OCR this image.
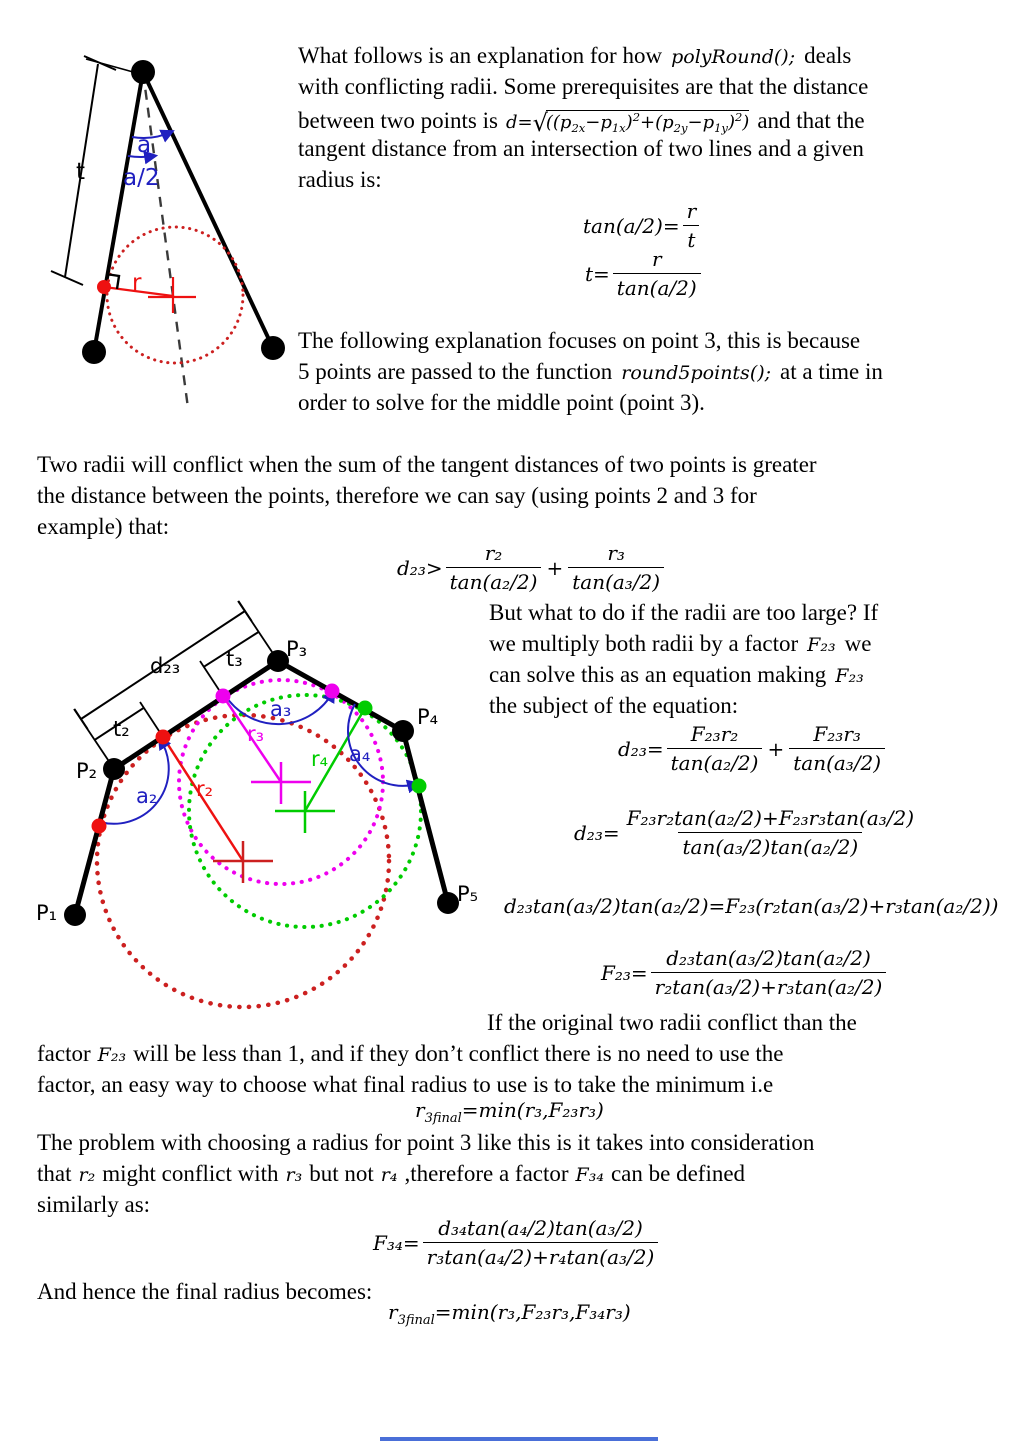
t
a
a/2
r
What follows is an explanation for how polyRound(); deals
with conflicting radii. Some prerequisites are that the distance
between two points is $d=√((p_{2x}-p_{1x})^2+(p_{2y}-p_{1y})^2)$ and that the
tangent distance from an intersection of two lines and a given
radius is:
$\tan(a/2)= \frac{r}{t}$
$t= \frac{r}{\tan(a/2)}$
The following explanation focuses on point 3, this is because
5 points are passed to the function round5points(); at a time in
order to solve for the middle point (point 3).
Two radii will conflict when the sum of the tangent distances of two points is greater
the distance between the points, therefore we can say (using points 2 and 3 for
example) that:
$d_{23}> \frac{\text{r₂}}{\text{tan(a₂/2)}} + \frac{\text{r₃}}{\text{tan(a₃/2)}}$
P₁
P₂
P₃
P₄
P₅
d₂₃ t₃
t₂
a₂
a₃
a₄
r₂
r₃
r₄
But what to do if the radii are too large? If
we multiply both radii by a factor F₂₃ we
can solve this as an equation making F₂₃
the subject of the equation:
$d_{23}= \frac{\text{F₂₃r₂}}{\text{tan(a₂/2)}} + \frac{\text{F₂₃r₃}}{\text{tan(a₃/2)}}$
$d_{23}= \frac{\text{F₂₃r₂tan(a₂/2)+F₂₃r₃tan(a₃/2)}}{\text{tan(a₃/2)tan(a₂/2)}}$
d₂₃tan(a₃/2)tan(a₂/2)=F₂₃(r₂tan(a₃/2)+r₃tan(a₂/2))
$F_{23}= \frac{\text{d₂₃tan(a₃/2)tan(a₂/2)}}{\text{r₂tan(a₃/2)+r₃tan(a₂/2)}}$
If the original two radii conflict than the
factor F₂₃ will be less than 1, and if they don’t conflict there is no need to use the
factor, an easy way to choose what final radius to use is to take the minimum i.e
$r_{3final}=\min(r_3,F_{23}r_3)$
The problem with choosing a radius for point 3 like this is it takes into consideration
that r₂ might conflict with r₃ but not r₄ ,therefore a factor F₃₄ can be defined
similarly as:
$F_{34}= \frac{\text{d₃₄tan(a₄/2)tan(a₃/2)}}{\text{r₃tan(a₄/2)+r₄tan(a₃/2)}}$
And hence the final radius becomes:
$r_{3final}=\min(r_3,F_{23}r_3,F_{34}r_3)$
